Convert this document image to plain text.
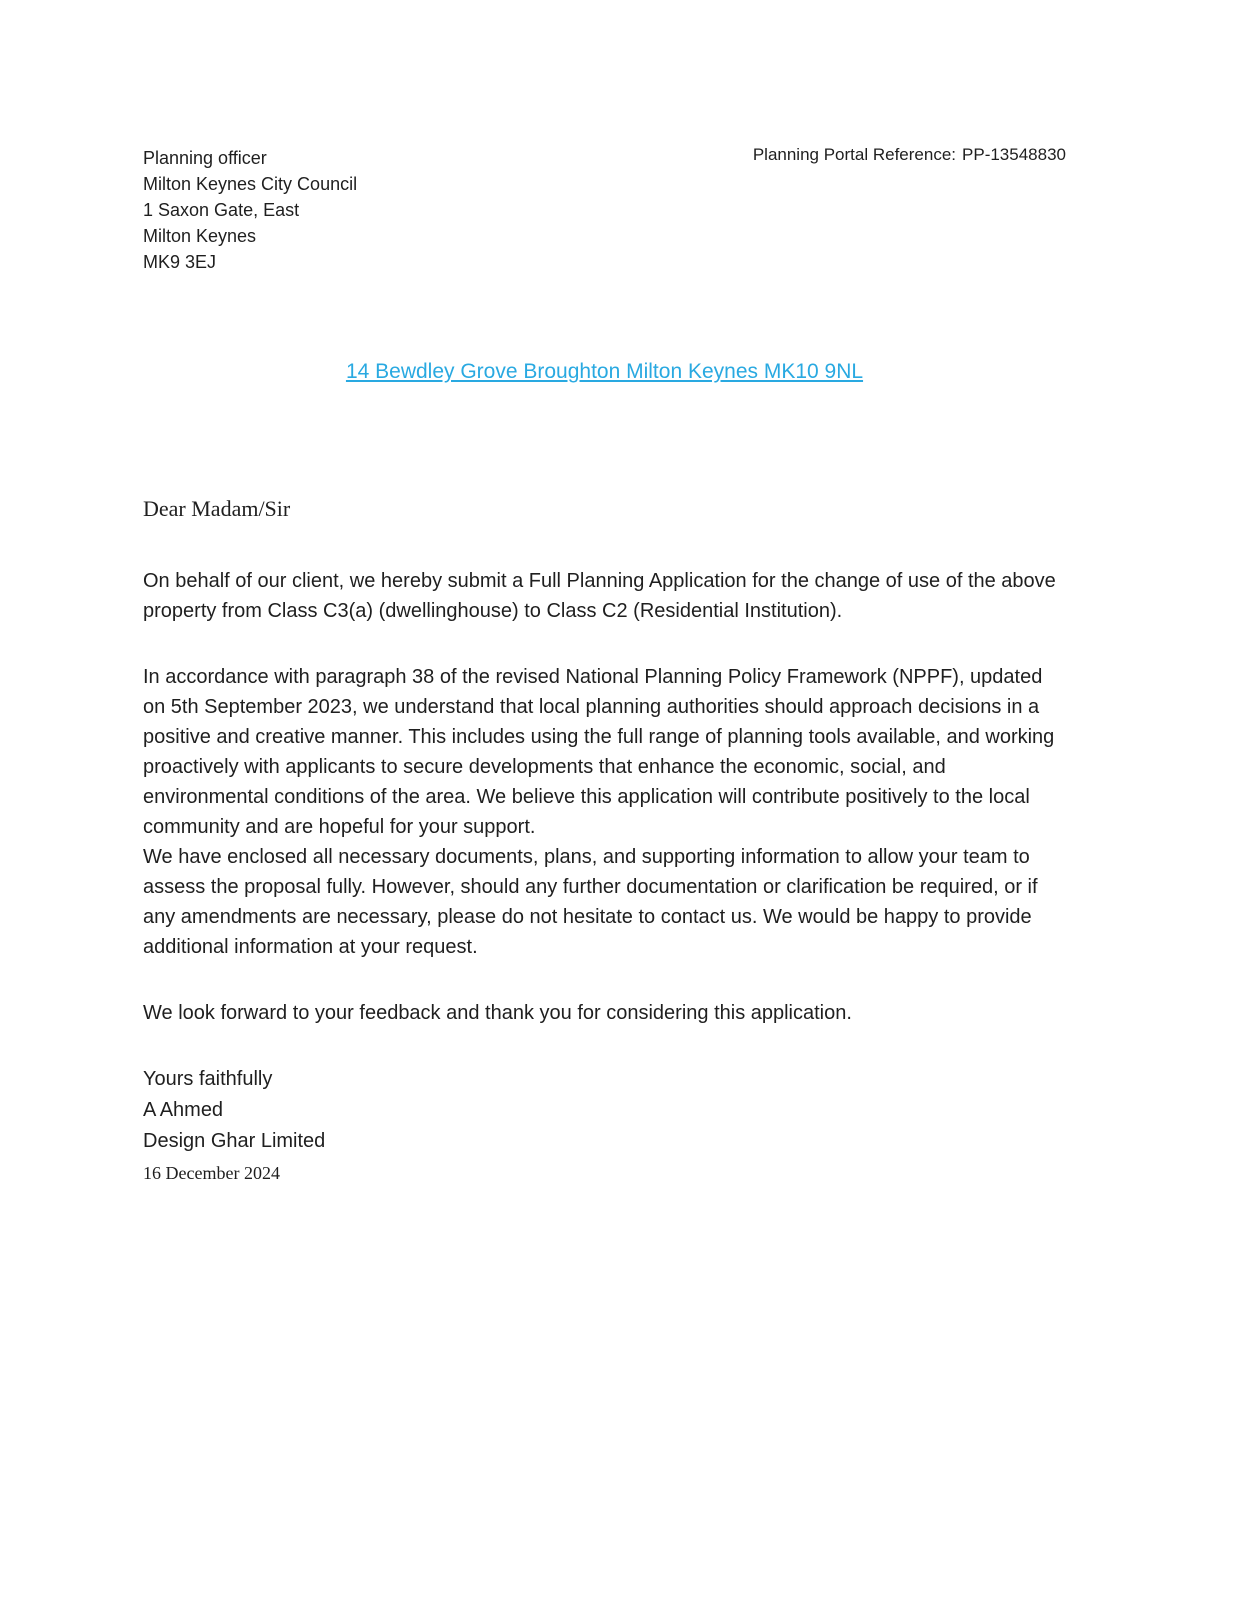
Planning officer
Milton Keynes City Council
1 Saxon Gate, East
Milton Keynes
MK9 3EJ
Planning Portal Reference: PP-13548830
14 Bewdley Grove Broughton Milton Keynes MK10 9NL

Dear Madam/Sir

On behalf of our client, we hereby submit a Full Planning Application for the change of use of the above property from Class C3(a) (dwellinghouse) to Class C2 (Residential Institution).

In accordance with paragraph 38 of the revised National Planning Policy Framework (NPPF), updated on 5th September 2023, we understand that local planning authorities should approach decisions in a positive and creative manner. This includes using the full range of planning tools available, and working proactively with applicants to secure developments that enhance the economic, social, and environmental conditions of the area. We believe this application will contribute positively to the local community and are hopeful for your support.

We have enclosed all necessary documents, plans, and supporting information to allow your team to assess the proposal fully. However, should any further documentation or clarification be required, or if any amendments are necessary, please do not hesitate to contact us. We would be happy to provide additional information at your request.

We look forward to your feedback and thank you for considering this application.

Yours faithfully
A Ahmed
Design Ghar Limited
16 December 2024
